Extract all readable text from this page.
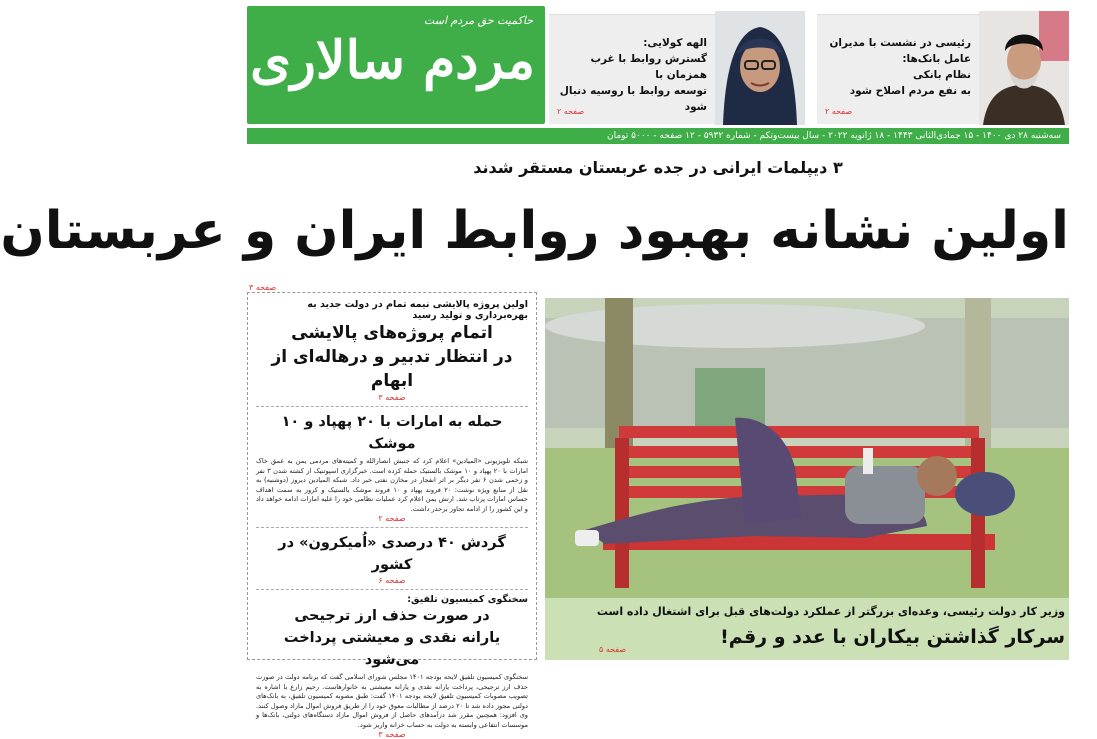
حاکمیت حق مردم است
مردم سالاری	الهه کولایی:
گسترش روابط با غرب همزمان با
توسعه روابط با روسیه دنبال شود
صفحه ۲
رئیسی در نشست با مدیران عامل بانک‌ها:
نظام بانکی
به نفع مردم اصلاح شود
صفحه ۲
سه‌شنبه ۲۸ دی ۱۴۰۰ - ۱۵ جمادی‌الثانی ۱۴۴۳ - ۱۸ ژانویه ۲۰۲۲ - سال بیست‌وتکم - شماره ۵۹۳۲ - ۱۲ صفحه - ۵۰۰۰ تومان
۳ دیپلمات ایرانی در جده عربستان مستقر شدند
اولین نشانه بهبود روابط ایران و عربستان
صفحه ۳
اولین پروژه پالایشی نیمه تمام در دولت جدید به بهره‌برداری و تولید رسید
اتمام پروژه‌های پالایشی
در انتظار تدبیر و درهاله‌ای از ابهام
صفحه ۳
حمله به امارات با ۲۰ پهپاد و ۱۰ موشک
شبکه تلویزیونی «المیادین» اعلام کرد که جنبش انصارالله و کمیته‌های مردمی یمن به عمق خاک امارات با ۲۰ پهپاد و ۱۰ موشک بالستیک حمله کرده است. خبرگزاری اسپوتنیک از کشته شدن ۳ نفر و زخمی شدن ۶ نفر دیگر بر اثر انفجار در مخازن نفتی خبر داد. شبکه المیادین دیروز (دوشنبه) به نقل از منابع ویژه نوشت: ۲۰ فروند پهپاد و ۱۰ فروند موشک بالستیک و کروز به سمت اهداف حساس امارات پرتاب شد. ارتش یمن اعلام کرد عملیات نظامی خود را علیه امارات ادامه خواهد داد و این کشور را از ادامه تجاوز برحذر داشت.
صفحه ۲
گردش ۴۰ درصدی «اُمیکرون» در کشور
صفحه ۶
سخنگوی کمیسیون تلفیق:
در صورت حذف ارز ترجیحی
یارانه نقدی و معیشتی پرداخت می‌شود
سخنگوی کمیسیون تلفیق لایحه بودجه ۱۴۰۱ مجلس شورای اسلامی گفت که برنامه دولت در صورت حذف ارز ترجیحی، پرداخت یارانه نقدی و یارانه معیشتی به خانوارهاست. رحیم زارع با اشاره به تصویب مصوبات کمیسیون تلفیق لایحه بودجه ۱۴۰۱ گفت: طبق مصوبه کمیسیون تلفیق، به بانک‌های دولتی مجوز داده شد تا ۲۰ درصد از مطالبات معوق خود را از طریق فروش اموال مازاد وصول کنند. وی افزود: همچنین مقرر شد درآمدهای حاصل از فروش اموال مازاد دستگاه‌های دولتی، بانک‌ها و موسسات انتفاعی وابسته به دولت به حساب خزانه واریز شود.
صفحه ۳
وزیر کار دولت رئیسی، وعده‌ای بزرگتر از عملکرد دولت‌های قبل برای اشتغال داده است
سرکار گذاشتن بیکاران با عدد و رقم!
صفحه ۵
